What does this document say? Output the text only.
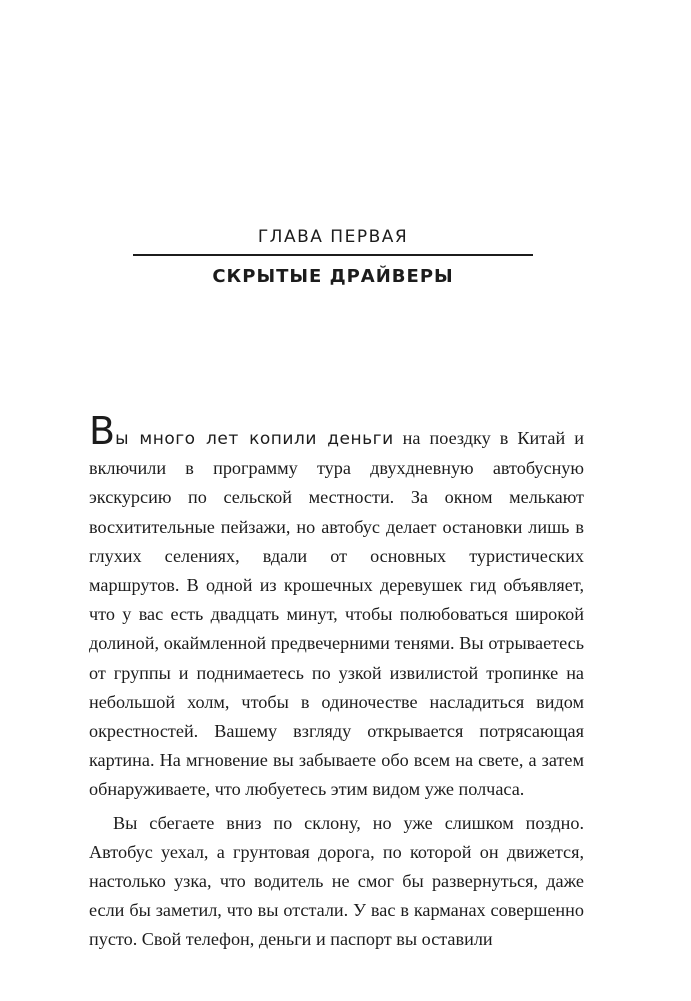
ГЛАВА ПЕРВАЯ
СКРЫТЫЕ ДРАЙВЕРЫ

Вы много лет копили деньги на поездку в Китай и включили в программу тура двухдневную автобусную экскурсию по сельской местности. За окном мелькают восхитительные пейзажи, но автобус делает остановки лишь в глухих селениях, вдали от основных туристических маршрутов. В одной из крошечных деревушек гид объявляет, что у вас есть двадцать минут, чтобы полюбоваться широкой долиной, окаймленной предвечерними тенями. Вы отрываетесь от группы и поднимаетесь по узкой извилистой тропинке на небольшой холм, чтобы в одиночестве насладиться видом окрестностей. Вашему взгляду открывается потрясающая картина. На мгновение вы забываете обо всем на свете, а затем обнаруживаете, что любуетесь этим видом уже полчаса.

Вы сбегаете вниз по склону, но уже слишком поздно. Автобус уехал, а грунтовая дорога, по которой он движется, настолько узка, что водитель не смог бы развернуться, даже если бы заметил, что вы отстали. У вас в карманах совершенно пусто. Свой телефон, деньги и паспорт вы оставили
